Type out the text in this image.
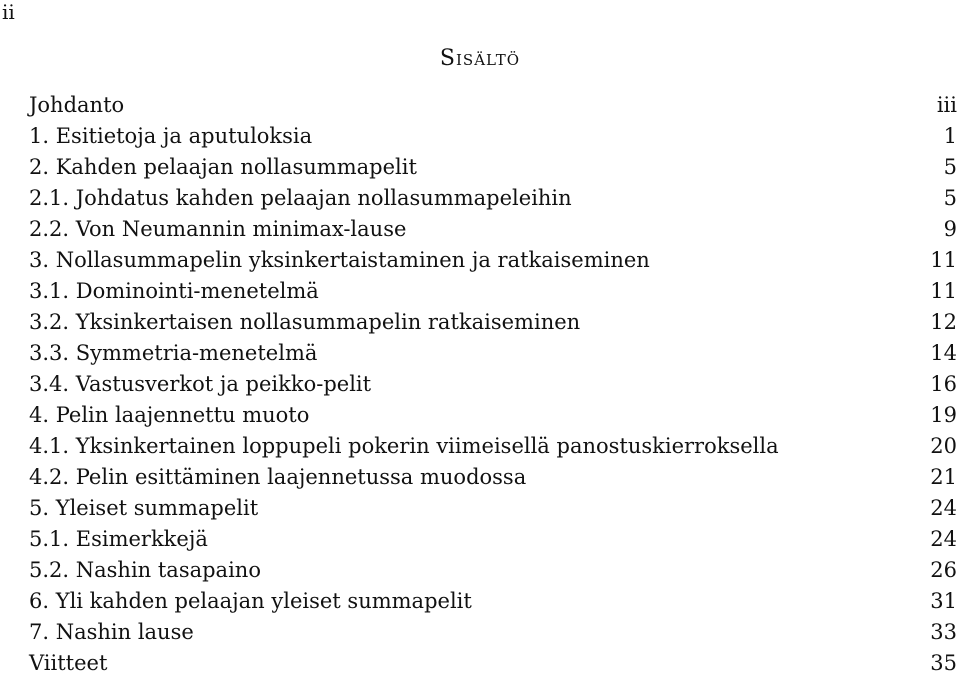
ii
Sisältö
Johdanto	iii
1. Esitietoja ja aputuloksia	1
2. Kahden pelaajan nollasummapelit	5
2.1. Johdatus kahden pelaajan nollasummapeleihin	5
2.2. Von Neumannin minimax-lause	9
3. Nollasummapelin yksinkertaistaminen ja ratkaiseminen	11
3.1. Dominointi-menetelmä	11
3.2. Yksinkertaisen nollasummapelin ratkaiseminen	12
3.3. Symmetria-menetelmä	14
3.4. Vastusverkot ja peikko-pelit	16
4. Pelin laajennettu muoto	19
4.1. Yksinkertainen loppupeli pokerin viimeisellä panostuskierroksella	20
4.2. Pelin esittäminen laajennetussa muodossa	21
5. Yleiset summapelit	24
5.1. Esimerkkejä	24
5.2. Nashin tasapaino	26
6. Yli kahden pelaajan yleiset summapelit	31
7. Nashin lause	33
Viitteet	35
